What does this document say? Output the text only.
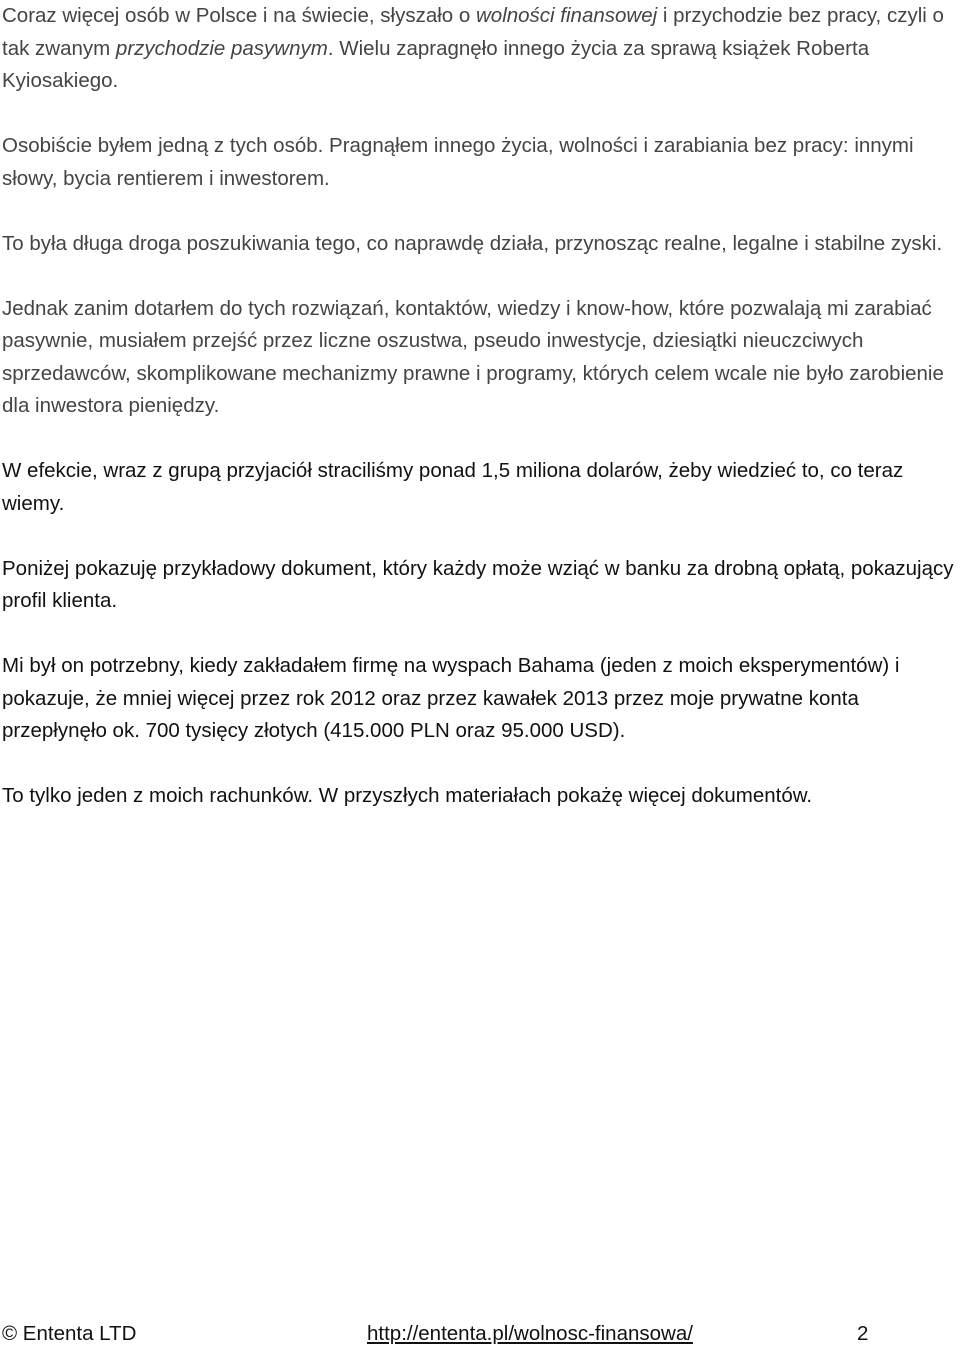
Coraz więcej osób w Polsce i na świecie, słyszało o wolności finansowej i przychodzie bez pracy, czyli o tak zwanym przychodzie pasywnym. Wielu zapragnęło innego życia za sprawą książek Roberta Kyiosakiego.

Osobiście byłem jedną z tych osób. Pragnąłem innego życia, wolności i zarabiania bez pracy: innymi słowy, bycia rentierem i inwestorem.

To była długa droga poszukiwania tego, co naprawdę działa, przynosząc realne, legalne i stabilne zyski.

Jednak zanim dotarłem do tych rozwiązań, kontaktów, wiedzy i know-how, które pozwalają mi zarabiać pasywnie, musiałem przejść przez liczne oszustwa, pseudo inwestycje, dziesiątki nieuczciwych sprzedawców, skomplikowane mechanizmy prawne i programy, których celem wcale nie było zarobienie dla inwestora pieniędzy.

W efekcie, wraz z grupą przyjaciół straciliśmy ponad 1,5 miliona dolarów, żeby wiedzieć to, co teraz wiemy.

Poniżej pokazuję przykładowy dokument, który każdy może wziąć w banku za drobną opłatą, pokazujący profil klienta.

Mi był on potrzebny, kiedy zakładałem firmę na wyspach Bahama (jeden z moich eksperymentów) i pokazuje, że mniej więcej przez rok 2012 oraz przez kawałek 2013 przez moje prywatne konta przepłynęło ok. 700 tysięcy złotych (415.000 PLN oraz 95.000 USD).

To tylko jeden z moich rachunków. W przyszłych materiałach pokażę więcej dokumentów.

© Ententa LTD	http://ententa.pl/wolnosc-finansowa/	2
